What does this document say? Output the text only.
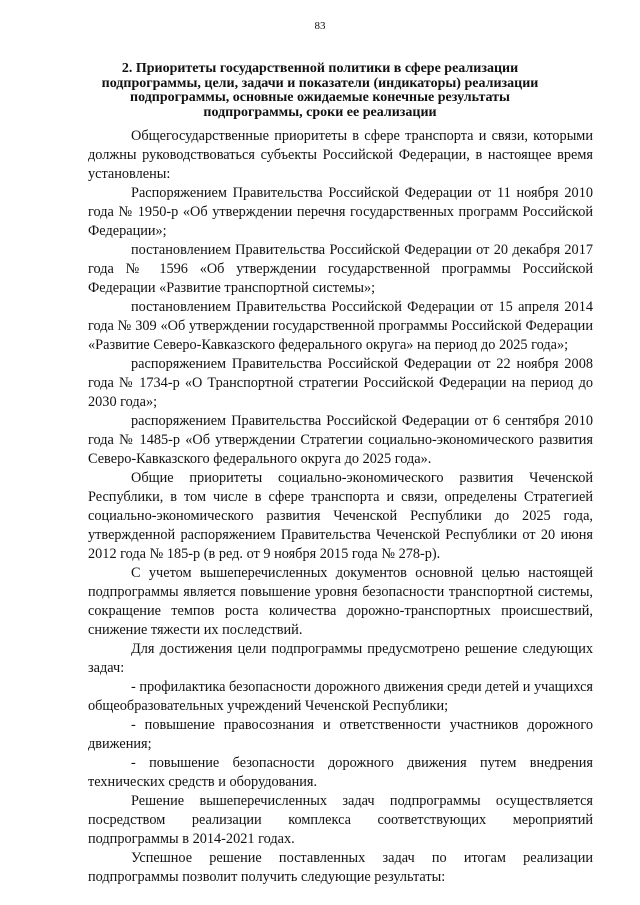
83
2. Приоритеты государственной политики в сфере реализации
подпрограммы, цели, задачи и показатели (индикаторы) реализации
подпрограммы, основные ожидаемые конечные результаты
подпрограммы, сроки ее реализации

Общегосударственные приоритеты в сфере транспорта и связи, которыми должны руководствоваться субъекты Российской Федерации, в настоящее время установлены:

Распоряжением Правительства Российской Федерации от 11 ноября 2010 года № 1950-р «Об утверждении перечня государственных программ Российской Федерации»;

постановлением Правительства Российской Федерации от 20 декабря 2017 года № 1596 «Об утверждении государственной программы Российской Федерации «Развитие транспортной системы»;

постановлением Правительства Российской Федерации от 15 апреля 2014 года № 309 «Об утверждении государственной программы Российской Федерации «Развитие Северо-Кавказского федерального округа» на период до 2025 года»;

распоряжением Правительства Российской Федерации от 22 ноября 2008 года № 1734-р «О Транспортной стратегии Российской Федерации на период до 2030 года»;

распоряжением Правительства Российской Федерации от 6 сентября 2010 года № 1485-р «Об утверждении Стратегии социально-экономического развития Северо-Кавказского федерального округа до 2025 года».

Общие приоритеты социально-экономического развития Чеченской Республики, в том числе в сфере транспорта и связи, определены Стратегией социально-экономического развития Чеченской Республики до 2025 года, утвержденной распоряжением Правительства Чеченской Республики от 20 июня 2012 года № 185-р (в ред. от 9 ноября 2015 года № 278-р).

С учетом вышеперечисленных документов основной целью настоящей подпрограммы является повышение уровня безопасности транспортной системы, сокращение темпов роста количества дорожно-транспортных происшествий, снижение тяжести их последствий.

Для достижения цели подпрограммы предусмотрено решение следующих задач:

- профилактика безопасности дорожного движения среди детей и учащихся общеобразовательных учреждений Чеченской Республики;

- повышение правосознания и ответственности участников дорожного движения;

- повышение безопасности дорожного движения путем внедрения технических средств и оборудования.

Решение вышеперечисленных задач подпрограммы осуществляется посредством реализации комплекса соответствующих мероприятий подпрограммы в 2014-2021 годах.

Успешное решение поставленных задач по итогам реализации подпрограммы позволит получить следующие результаты:
